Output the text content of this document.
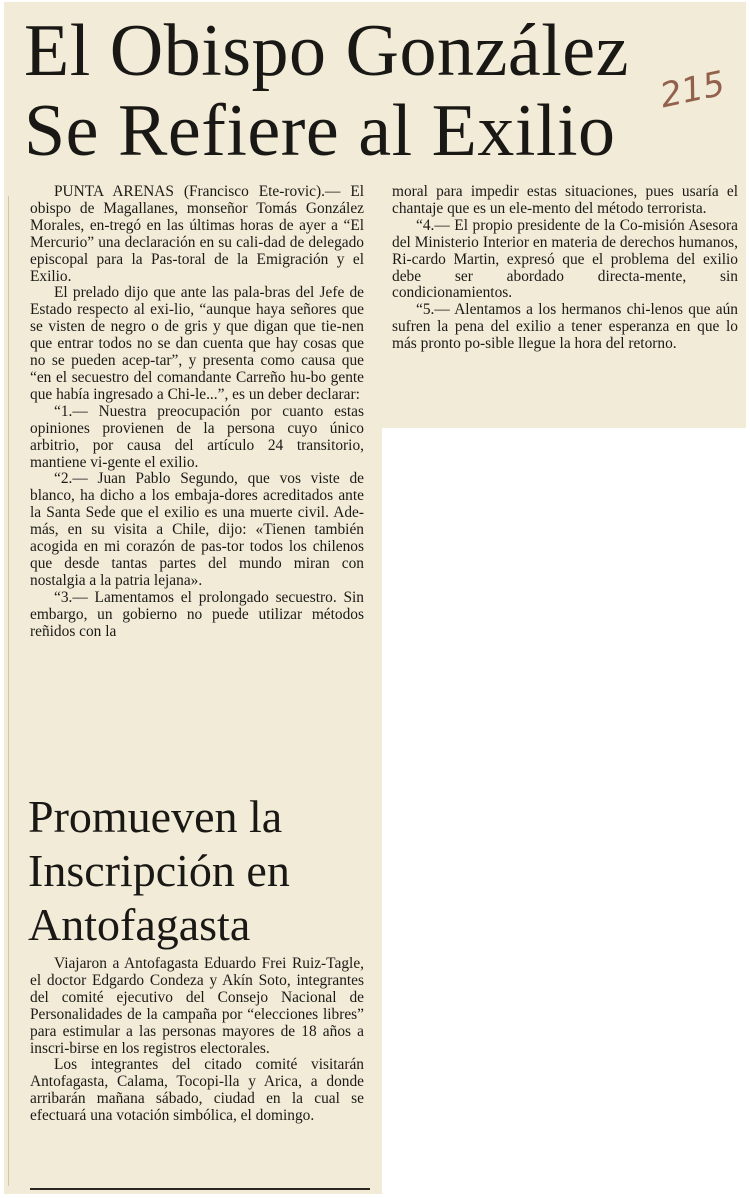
El Obispo González
Se Refiere al Exilio
215

PUNTA ARENAS (Francisco Ete-rovic).— El obispo de Magallanes, monseñor Tomás González Morales, en-tregó en las últimas horas de ayer a “El Mercurio” una declaración en su cali-dad de delegado episcopal para la Pas-toral de la Emigración y el Exilio.

El prelado dijo que ante las pala-bras del Jefe de Estado respecto al exi-lio, “aunque haya señores que se visten de negro o de gris y que digan que tie-nen que entrar todos no se dan cuenta que hay cosas que no se pueden acep-tar”, y presenta como causa que “en el secuestro del comandante Carreño hu-bo gente que había ingresado a Chi-le...”, es un deber declarar:

“1.— Nuestra preocupación por cuanto estas opiniones provienen de la persona cuyo único arbitrio, por causa del artículo 24 transitorio, mantiene vi-gente el exilio.

“2.— Juan Pablo Segundo, que vos viste de blanco, ha dicho a los embaja-dores acreditados ante la Santa Sede que el exilio es una muerte civil. Ade-más, en su visita a Chile, dijo: «Tienen también acogida en mi corazón de pas-tor todos los chilenos que desde tantas partes del mundo miran con nostalgia a la patria lejana».

“3.— Lamentamos el prolongado secuestro. Sin embargo, un gobierno no puede utilizar métodos reñidos con la

moral para impedir estas situaciones, pues usaría el chantaje que es un ele-mento del método terrorista.

“4.— El propio presidente de la Co-misión Asesora del Ministerio Interior en materia de derechos humanos, Ri-cardo Martin, expresó que el problema del exilio debe ser abordado directa-mente, sin condicionamientos.

“5.— Alentamos a los hermanos chi-lenos que aún sufren la pena del exilio a tener esperanza en que lo más pronto po-sible llegue la hora del retorno.

Promueven la
Inscripción en
Antofagasta

Viajaron a Antofagasta Eduardo Frei Ruiz-Tagle, el doctor Edgardo Condeza y Akín Soto, integrantes del comité ejecutivo del Consejo Nacional de Personalidades de la campaña por “elecciones libres” para estimular a las personas mayores de 18 años a inscri-birse en los registros electorales.

Los integrantes del citado comité visitarán Antofagasta, Calama, Tocopi-lla y Arica, a donde arribarán mañana sábado, ciudad en la cual se efectuará una votación simbólica, el domingo.
